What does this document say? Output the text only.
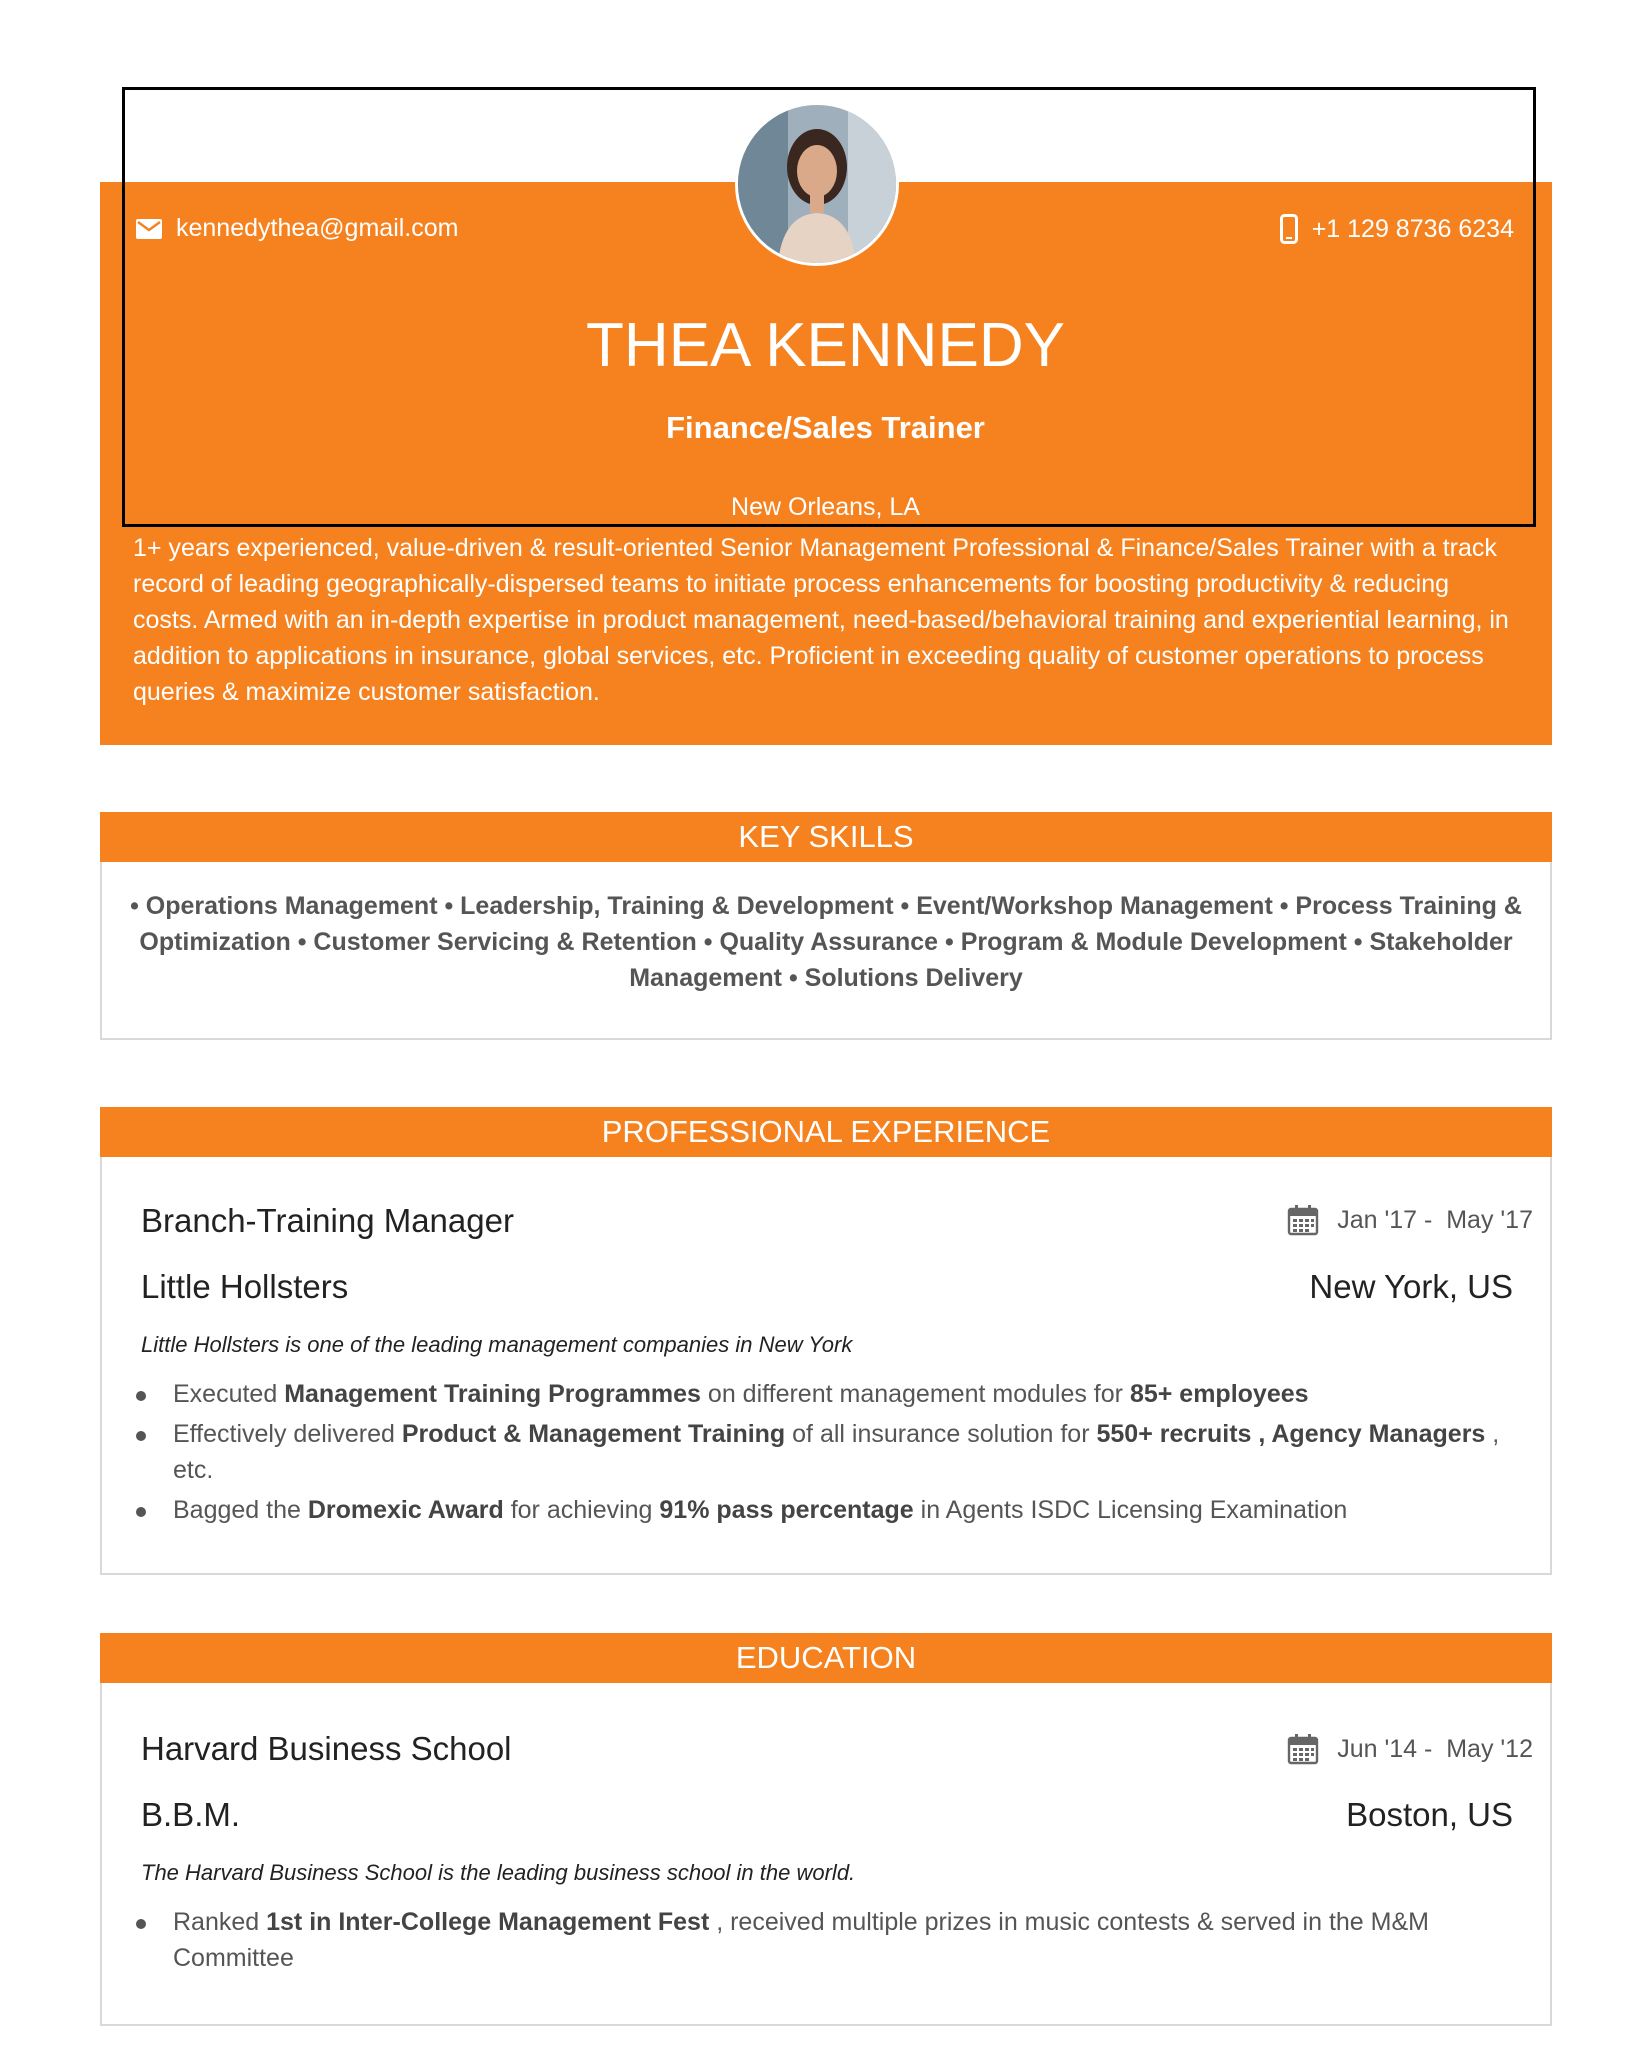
kennedythea@gmail.com	+1 129 8736 6234
THEA KENNEDY
Finance/Sales Trainer
New Orleans, LA
1+ years experienced, value-driven & result-oriented Senior Management Professional & Finance/Sales Trainer with a track record of leading geographically-dispersed teams to initiate process enhancements for boosting productivity & reducing costs. Armed with an in-depth expertise in product management, need-based/behavioral training and experiential learning, in addition to applications in insurance, global services, etc. Proficient in exceeding quality of customer operations to process queries & maximize customer satisfaction.
KEY SKILLS
• Operations Management • Leadership, Training & Development • Event/Workshop Management • Process Training & Optimization • Customer Servicing & Retention • Quality Assurance • Program & Module Development • Stakeholder Management • Solutions Delivery
PROFESSIONAL EXPERIENCE
Branch-Training Manager	Jan '17 - May '17
Little Hollsters	New York, US
Little Hollsters is one of the leading management companies in New York
Executed Management Training Programmes on different management modules for 85+ employees
Effectively delivered Product & Management Training of all insurance solution for 550+ recruits , Agency Managers , etc.
Bagged the Dromexic Award for achieving 91% pass percentage in Agents ISDC Licensing Examination
EDUCATION
Harvard Business School	Jun '14 - May '12
B.B.M.	Boston, US
The Harvard Business School is the leading business school in the world.
Ranked 1st in Inter-College Management Fest , received multiple prizes in music contests & served in the M&M Committee
